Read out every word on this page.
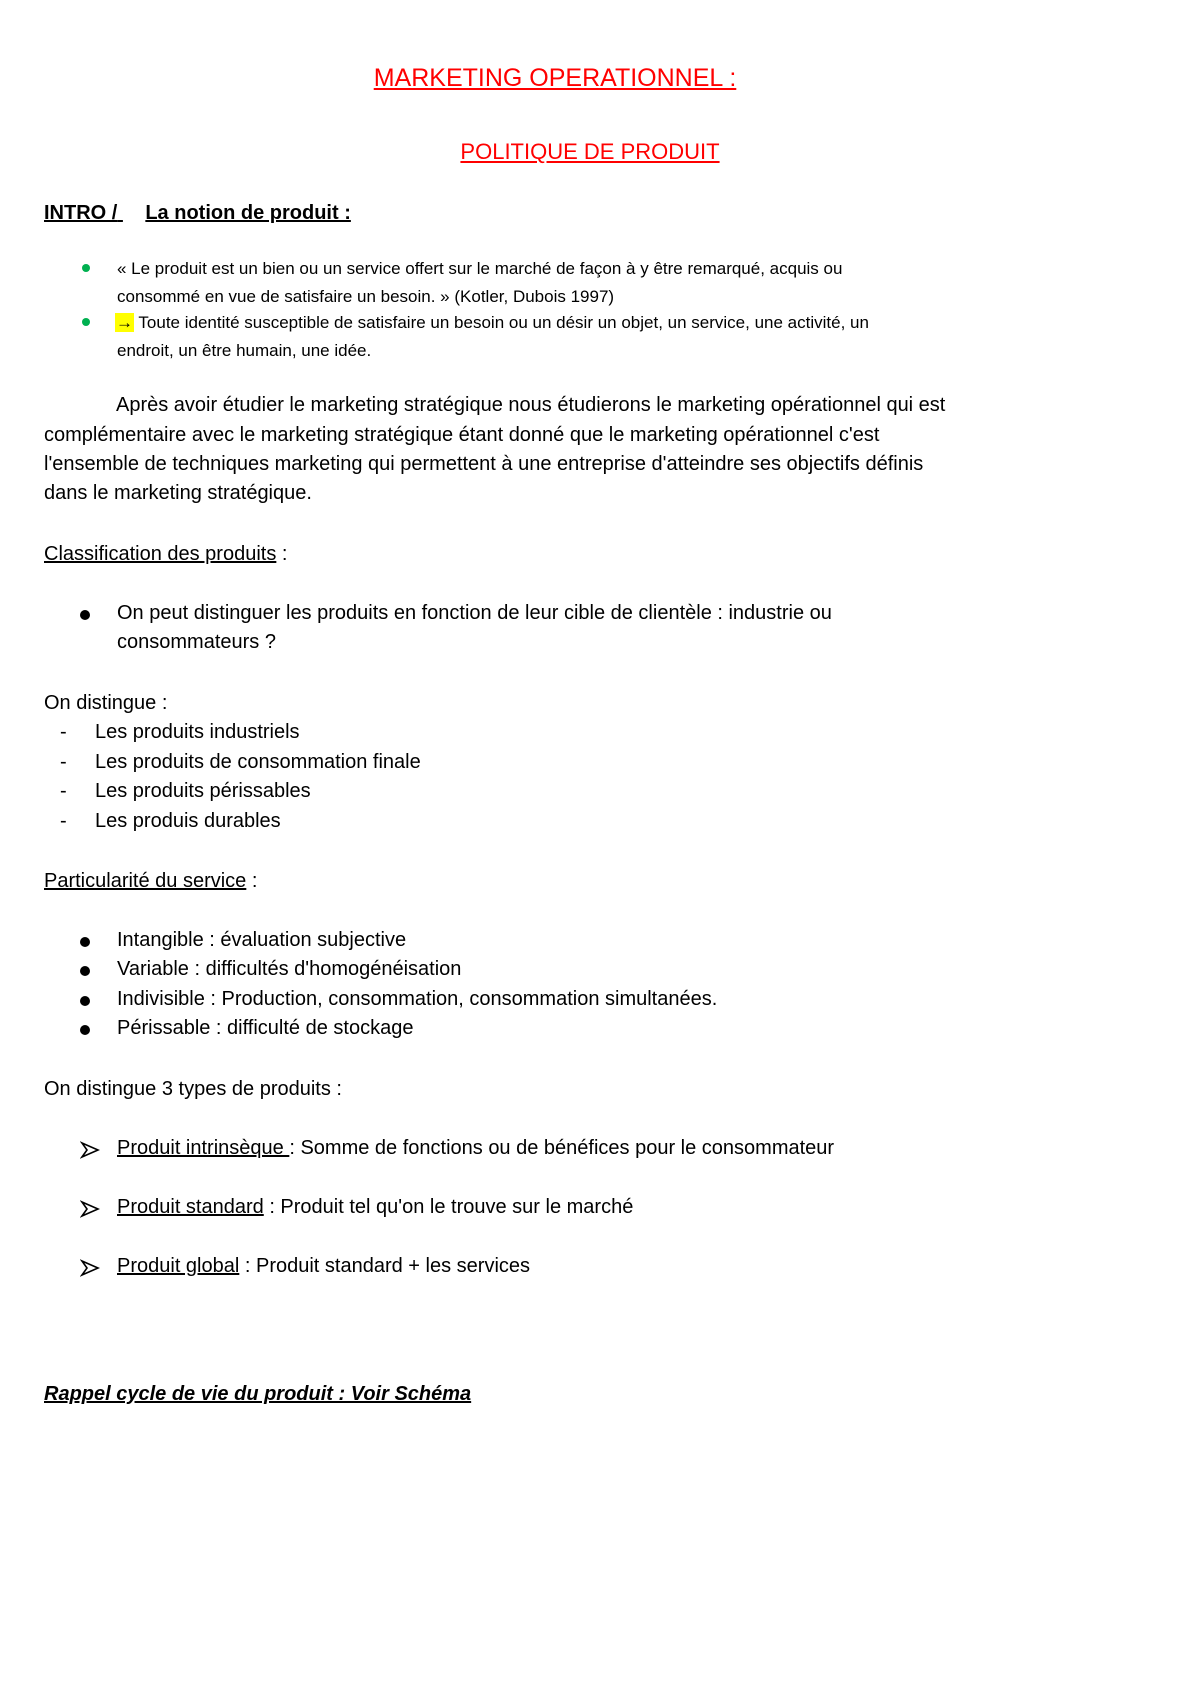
MARKETING OPERATIONNEL :
POLITIQUE DE PRODUIT
INTRO / La notion de produit :
« Le produit est un bien ou un service offert sur le marché de façon à y être remarqué, acquis ou
consommé en vue de satisfaire un besoin. » (Kotler, Dubois 1997)
→ Toute identité susceptible de satisfaire un besoin ou un désir un objet, un service, une activité, un
endroit, un être humain, une idée.
Après avoir étudier le marketing stratégique nous étudierons le marketing opérationnel qui est
complémentaire avec le marketing stratégique étant donné que le marketing opérationnel c'est
l'ensemble de techniques marketing qui permettent à une entreprise d'atteindre ses objectifs définis
dans le marketing stratégique.
Classification des produits :
On peut distinguer les produits en fonction de leur cible de clientèle : industrie ou
consommateurs ?
On distingue :
- Les produits industriels
- Les produits de consommation finale
- Les produits périssables
- Les produis durables
Particularité du service :
Intangible : évaluation subjective
Variable : difficultés d'homogénéisation
Indivisible : Production, consommation, consommation simultanées.
Périssable : difficulté de stockage
On distingue 3 types de produits :
Produit intrinsèque : Somme de fonctions ou de bénéfices pour le consommateur
Produit standard : Produit tel qu'on le trouve sur le marché
Produit global : Produit standard + les services
Rappel cycle de vie du produit : Voir Schéma
